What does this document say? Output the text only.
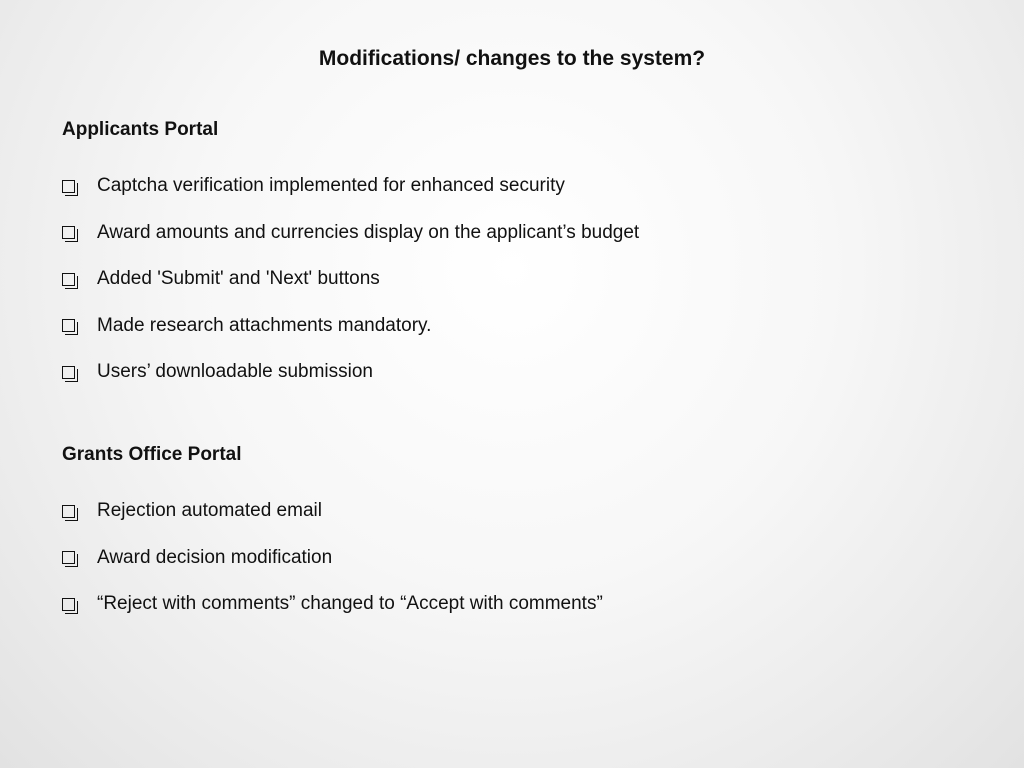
Modifications/ changes to the system?
Applicants Portal
Captcha verification implemented for enhanced security
Award amounts and currencies display on the applicant’s budget
Added 'Submit' and 'Next' buttons
Made research attachments mandatory.
Users’ downloadable submission
Grants Office Portal
Rejection automated email
Award decision modification
“Reject with comments” changed to “Accept with comments”
